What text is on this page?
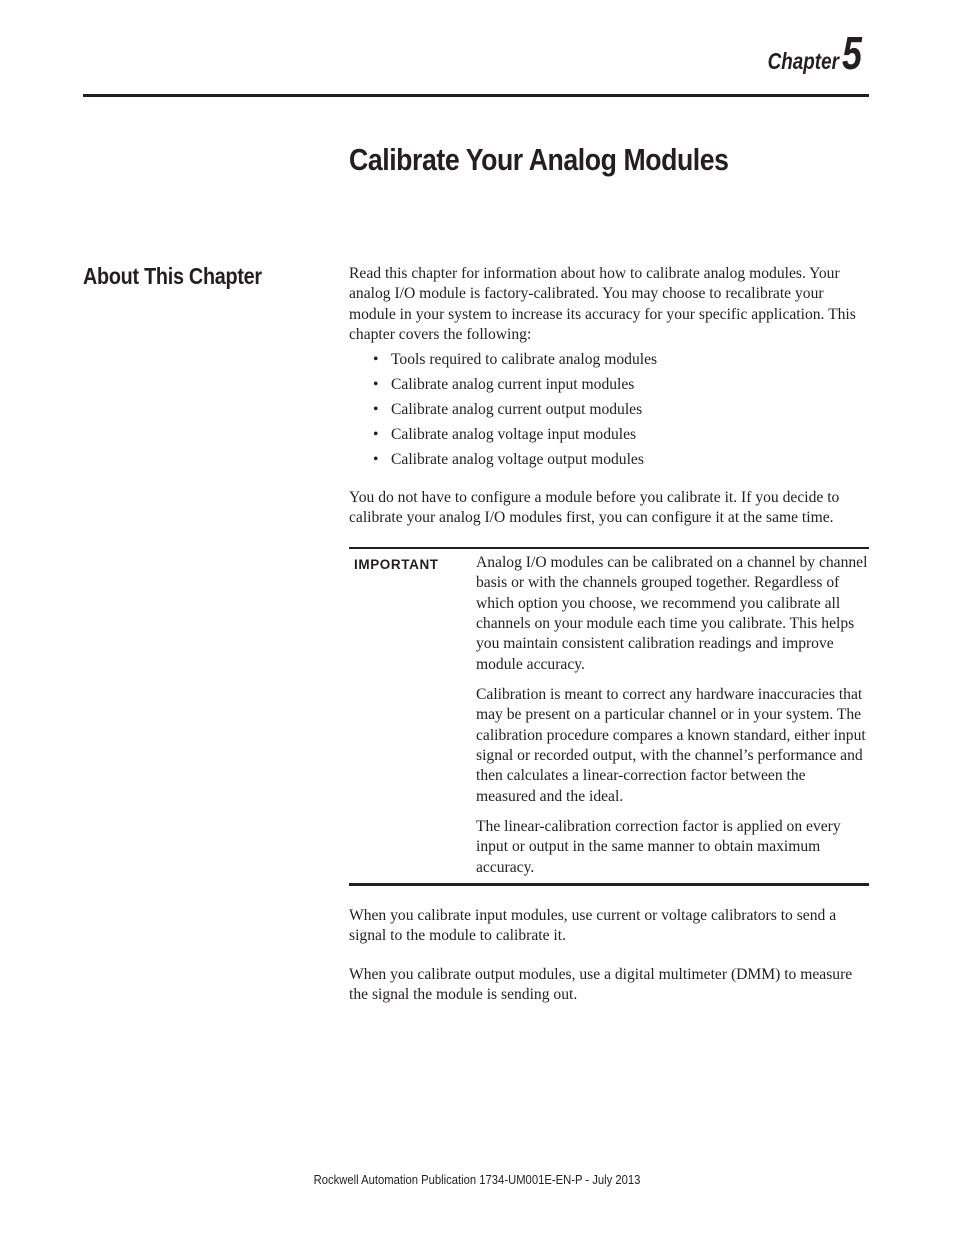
Chapter 5
Calibrate Your Analog Modules
About This Chapter	Read this chapter for information about how to calibrate analog modules. Your analog I/O module is factory-calibrated. You may choose to recalibrate your module in your system to increase its accuracy for your specific application. This chapter covers the following:

• Tools required to calibrate analog modules
• Calibrate analog current input modules
• Calibrate analog current output modules
• Calibrate analog voltage input modules
• Calibrate analog voltage output modules

You do not have to configure a module before you calibrate it. If you decide to calibrate your analog I/O modules first, you can configure it at the same time.

IMPORTANT	Analog I/O modules can be calibrated on a channel by channel basis or with the channels grouped together. Regardless of which option you choose, we recommend you calibrate all channels on your module each time you calibrate. This helps you maintain consistent calibration readings and improve module accuracy.

Calibration is meant to correct any hardware inaccuracies that may be present on a particular channel or in your system. The calibration procedure compares a known standard, either input signal or recorded output, with the channel’s performance and then calculates a linear-correction factor between the measured and the ideal.

The linear-calibration correction factor is applied on every input or output in the same manner to obtain maximum accuracy.

When you calibrate input modules, use current or voltage calibrators to send a signal to the module to calibrate it.

When you calibrate output modules, use a digital multimeter (DMM) to measure the signal the module is sending out.

Rockwell Automation Publication 1734-UM001E-EN-P - July 2013
